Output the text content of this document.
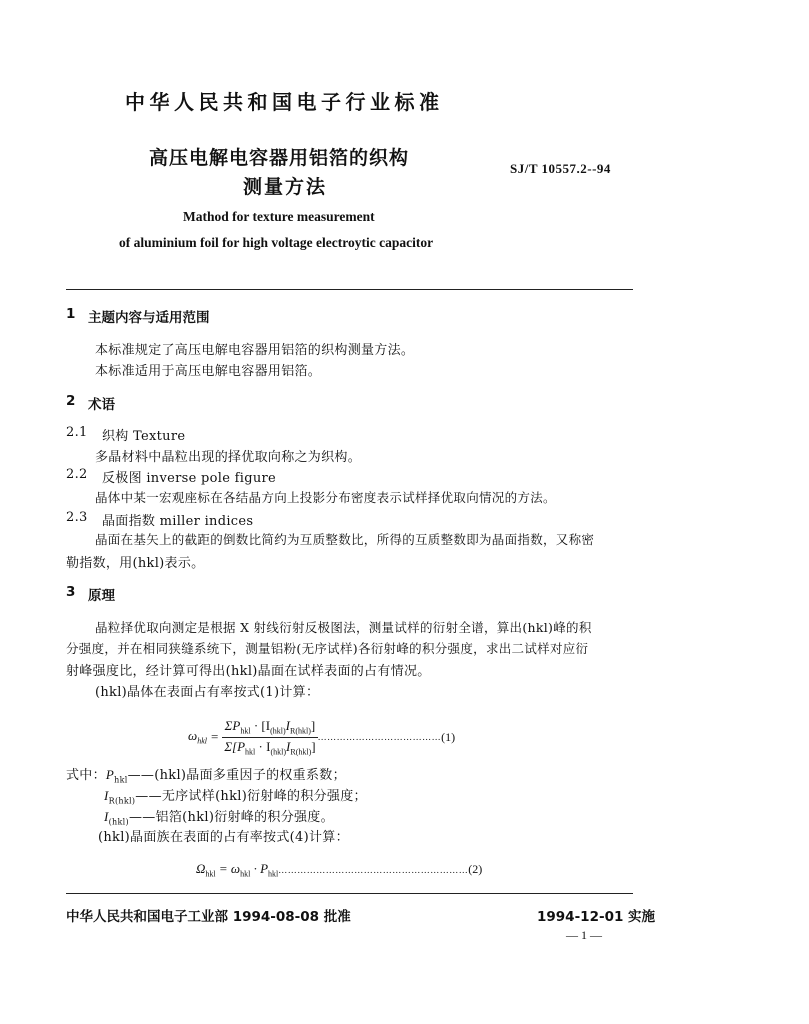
中华人民共和国电子行业标准
高压电解电容器用铝箔的织构
测量方法
SJ/T 10557.2--94
Mathod for texture measurement
of aluminium foil for high voltage electroytic capacitor
1 主题内容与适用范围
本标准规定了高压电解电容器用铝箔的织构测量方法。
本标准适用于高压电解电容器用铝箔。
2 术语
2.1 织构 Texture
多晶材料中晶粒出现的择优取向称之为织构。
2.2 反极图 inverse pole figure
晶体中某一宏观座标在各结晶方向上投影分布密度表示试样择优取向情况的方法。
2.3 晶面指数 miller indices
晶面在基矢上的截距的倒数比简约为互质整数比，所得的互质整数即为晶面指数，又称密
勒指数，用(hkl)表示。
3 原理
晶粒择优取向测定是根据 X 射线衍射反极图法，测量试样的衍射全谱，算出(hkl)峰的积
分强度，并在相同狭缝系统下，测量铝粉(无序试样)各衍射峰的积分强度，求出二试样对应衍
射峰强度比，经计算可得出(hkl)晶面在试样表面的占有情况。
(hkl)晶体在表面占有率按式(1)计算：
$\omega_{hkl} = \frac{\Sigma P_{hkl} \cdot [I_{(hkl)}I_{R(hkl)}]}{\Sigma[P_{hkl} \cdot I_{(hkl)}I_{R(hkl)}]}$ ………………………………… (1)
式中：$P_{hkl}——(hkl)$晶面多重因子的权重系数；
$I_{R(hkl)}——$无序试样(hkl)衍射峰的积分强度；
$I_{(hkl)}——$铝箔(hkl)衍射峰的积分强度。
(hkl)晶面族在表面的占有率按式(4)计算：
$\Omega_{hkl} = \omega_{hkl}$ · $P_{hkl}\dots\dots\dots\dots\dots\dots\dots\dots\dots\dots\dots\dots\dots\dots\dots\dots\dots\dots\dots\dots(2)$
中华人民共和国电子工业部 1994-08-08 批准	1994-12-01 实施
— 1 —
